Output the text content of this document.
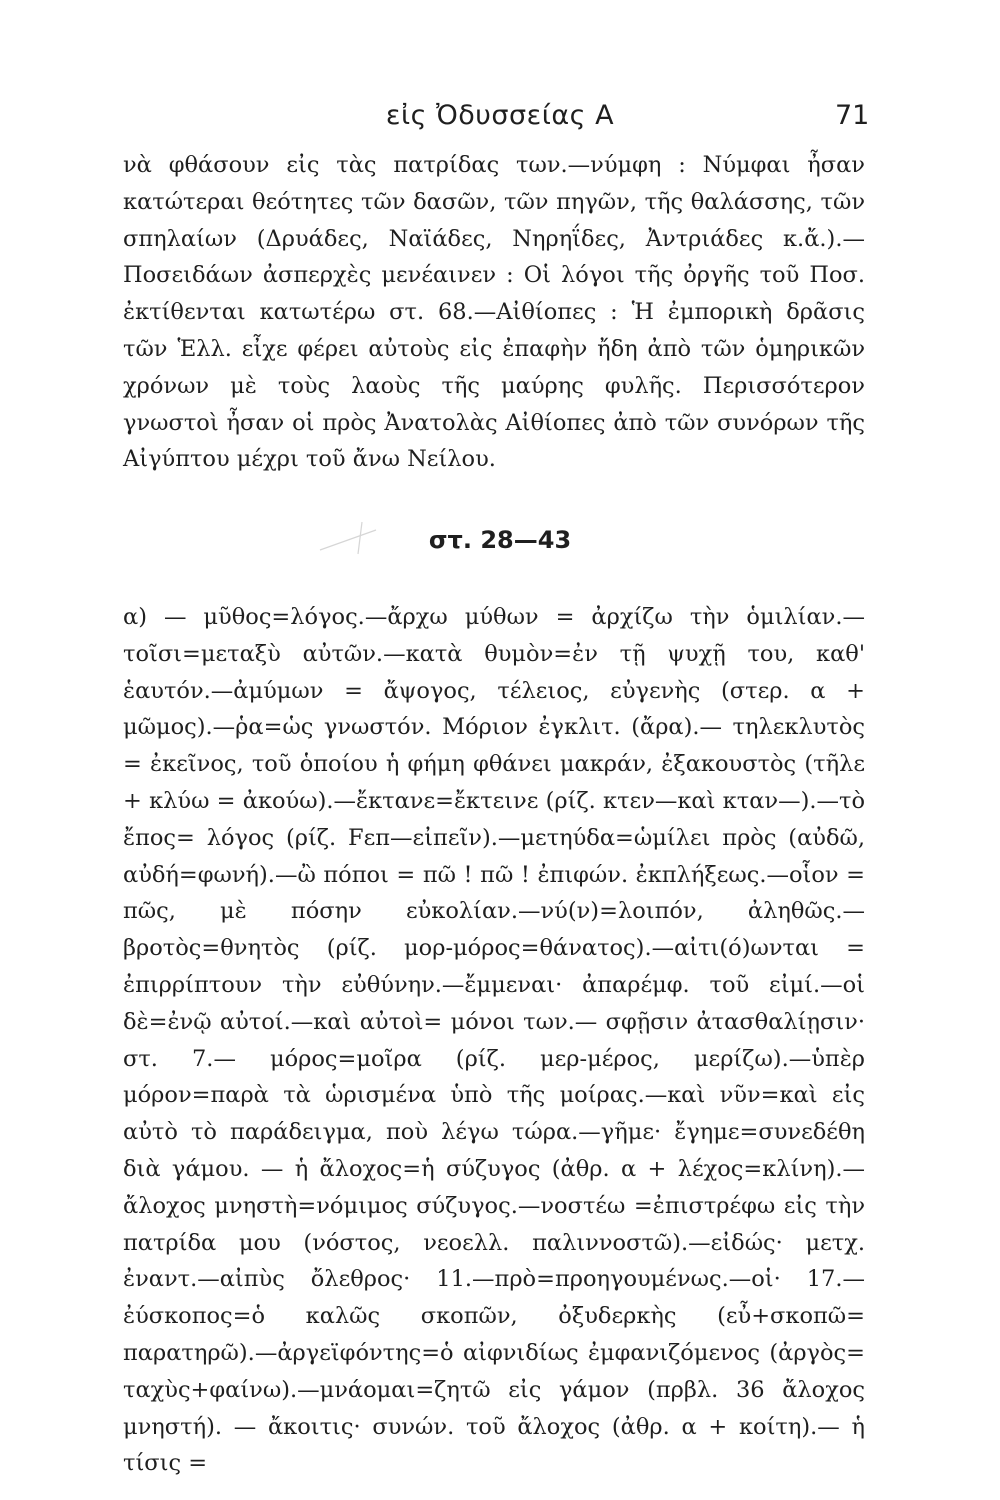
εἰς Ὀδυσσείας Α	71

νὰ φθάσουν εἰς τὰς πατρίδας των.—νύμφη : Νύμφαι ἦσαν κατώτεραι θεότητες τῶν δασῶν, τῶν πηγῶν, τῆς θαλάσσης, τῶν σπηλαίων (Δρυάδες, Ναϊάδες, Νηρηΐδες, Ἀντριάδες κ.ἄ.).—Ποσειδάων ἀσπερχὲς μενέαινεν : Οἱ λόγοι τῆς ὀργῆς τοῦ Ποσ. ἐκτίθενται κατωτέρω στ. 68.—Αἰθίοπες : Ἡ ἐμπορικὴ δρᾶσις τῶν Ἑλλ. εἶχε φέρει αὐτοὺς εἰς ἐπαφὴν ἤδη ἀπὸ τῶν ὁμηρικῶν χρόνων μὲ τοὺς λαοὺς τῆς μαύρης φυλῆς. Περισσότερον γνωστοὶ ἦσαν οἱ πρὸς Ἀνατολὰς Αἰθίοπες ἀπὸ τῶν συνόρων τῆς Αἰγύπτου μέχρι τοῦ ἄνω Νείλου.

στ. 28—43

α) — μῦθος=λόγος.—ἄρχω μύθων = ἀρχίζω τὴν ὁμιλίαν.—τοῖσι=μεταξὺ αὐτῶν.—κατὰ θυμὸν=ἐν τῇ ψυχῇ του, καθ' ἑαυτόν.—ἀμύμων = ἄψογος, τέλειος, εὐγενὴς (στερ. α + μῶμος).—ῥα=ὡς γνωστόν. Μόριον ἐγκλιτ. (ἄρα).— τηλεκλυτὸς = ἐκεῖνος, τοῦ ὁποίου ἡ φήμη φθάνει μακράν, ἐξακουστὸς (τῆλε + κλύω = ἀκούω).—ἔκτανε=ἔκτεινε (ρίζ. κτεν—καὶ κταν—).—τὸ ἔπος= λόγος (ρίζ. Fεπ—εἰπεῖν).—μετηύδα=ὡμίλει πρὸς (αὐδῶ, αὐδή=φωνή).—ὢ πόποι = πῶ ! πῶ ! ἐπιφών. ἐκπλήξεως.—οἷον = πῶς, μὲ πόσην εὐκολίαν.—νύ(ν)=λοιπόν, ἀληθῶς.—βροτὸς=θνητὸς (ρίζ. μορ-μόρος=θάνατος).—αἰτι(ό)ωνται = ἐπιρρίπτουν τὴν εὐθύνην.—ἔμμεναι· ἀπαρέμφ. τοῦ εἰμί.—οἱ δὲ=ἐνῷ αὐτοί.—καὶ αὐτοὶ= μόνοι των.— σφῇσιν ἀτασθαλίῃσιν· στ. 7.— μόρος=μοῖρα (ρίζ. μερ-μέρος, μερίζω).—ὑπὲρ μόρον=παρὰ τὰ ὡρισμένα ὑπὸ τῆς μοίρας.—καὶ νῦν=καὶ εἰς αὐτὸ τὸ παράδειγμα, ποὺ λέγω τώρα.—γῆμε· ἔγημε=συνεδέθη διὰ γάμου. — ἡ ἄλοχος=ἡ σύζυγος (ἀθρ. α + λέχος=κλίνη).—ἄλοχος μνηστὴ=νόμιμος σύζυγος.—νοστέω =ἐπιστρέφω εἰς τὴν πατρίδα μου (νόστος, νεοελλ. παλιννοστῶ).—εἰδώς· μετχ. ἐναντ.—αἰπὺς ὄλεθρος· 11.—πρὸ=προηγουμένως.—οἱ· 17.—ἐύσκοπος=ὁ καλῶς σκοπῶν, ὀξυδερκὴς (εὖ+σκοπῶ= παρατηρῶ).—ἀργεϊφόντης=ὁ αἰφνιδίως ἐμφανιζόμενος (ἀργὸς= ταχὺς+φαίνω).—μνάομαι=ζητῶ εἰς γάμον (πρβλ. 36 ἄλοχος μνηστή). — ἄκοιτις· συνών. τοῦ ἄλοχος (ἀθρ. α + κοίτη).— ἡ τίσις =
